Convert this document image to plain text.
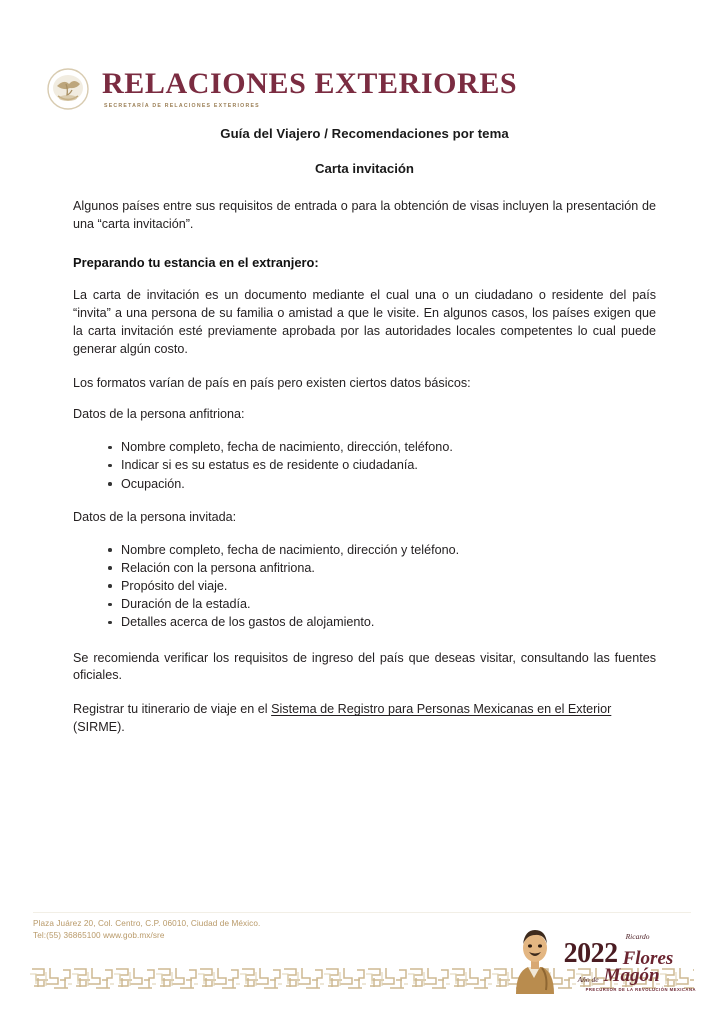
RELACIONES EXTERIORES
SECRETARÍA DE RELACIONES EXTERIORES
Guía del Viajero / Recomendaciones por tema
Carta invitación

Algunos países entre sus requisitos de entrada o para la obtención de visas incluyen la presentación de una “carta invitación”.

Preparando tu estancia en el extranjero:

La carta de invitación es un documento mediante el cual una o un ciudadano o residente del país “invita” a una persona de su familia o amistad a que le visite. En algunos casos, los países exigen que la carta invitación esté previamente aprobada por las autoridades locales competentes lo cual puede generar algún costo.

Los formatos varían de país en país pero existen ciertos datos básicos:

Datos de la persona anfitriona:

Nombre completo, fecha de nacimiento, dirección, teléfono.
Indicar si es su estatus es de residente o ciudadanía.
Ocupación.

Datos de la persona invitada:

Nombre completo, fecha de nacimiento, dirección y teléfono.
Relación con la persona anfitriona.
Propósito del viaje.
Duración de la estadía.
Detalles acerca de los gastos de alojamiento.

Se recomienda verificar los requisitos de ingreso del país que deseas visitar, consultando las fuentes oficiales.

Registrar tu itinerario de viaje en el Sistema de Registro para Personas Mexicanas en el Exterior (SIRME).

Plaza Juárez 20, Col. Centro, C.P. 06010, Ciudad de México.
Tel:(55) 36865100 www.gob.mx/sre	Ricardo
2022 Flores
Año de Magón
PRECURSOR DE LA REVOLUCIÓN MEXICANA
